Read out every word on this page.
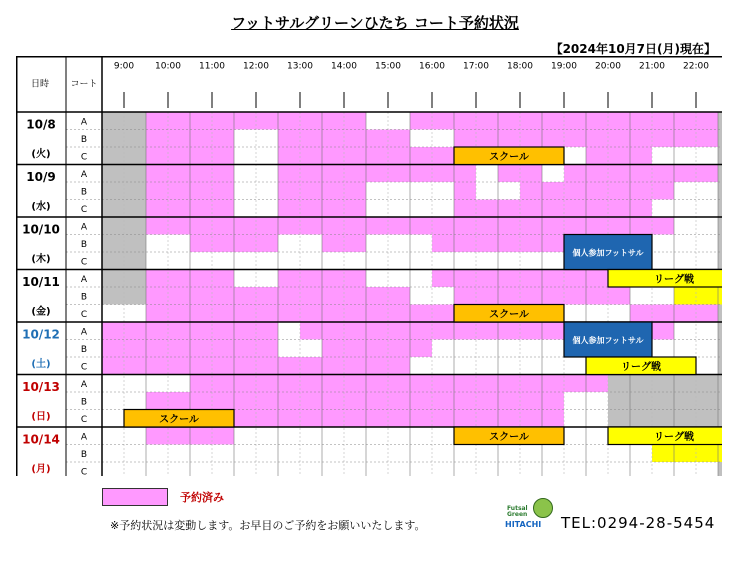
フットサルグリーンひたち コート予約状況
【2024年10月7日(月)現在】
スクール
個人参加フットサル
リーグ戦
スクール
個人参加フットサル
リーグ戦
スクール
スクール	リーグ戦
9:00 10:00 11:00 12:00 13:00 14:00 15:00 16:00 17:00 18:00 19:00 20:00 21:00 22:00
日時 コート
10/8
(火)
A
B
C
10/9
(水)
A
B
C
10/10
(木)
A
B
C
10/11
(金)
A
B
C
10/12
(土)
A
B
C
10/13
(日)
A
B
C
10/14
(月)
A
B
C
予約済み
※予約状況は変動します。お早目のご予約をお願いいたします。
Futsal
Green
HITACHI TEL:0294-28-5454
